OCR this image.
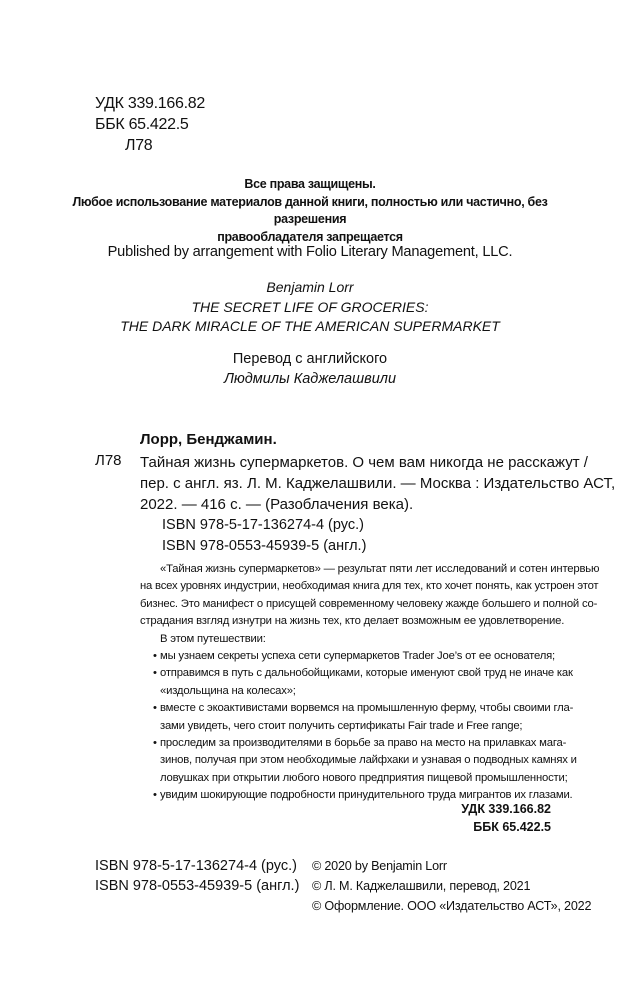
УДК 339.166.82
ББК 65.422.5
Л78
Все права защищены.
Любое использование материалов данной книги, полностью или частично, без разрешения
правообладателя запрещается
Published by arrangement with Folio Literary Management, LLC.
Benjamin Lorr
THE SECRET LIFE OF GROCERIES:
THE DARK MIRACLE OF THE AMERICAN SUPERMARKET
Перевод с английского
Людмилы Каджелашвили
Лорр, Бенджамин.
Л78 Тайная жизнь супермаркетов. О чем вам никогда не расскажут /
пер. с англ. яз. Л. М. Каджелашвили. — Москва : Издательство АСТ,
2022. — 416 с. — (Разоблачения века).
ISBN 978-5-17-136274-4 (рус.)
ISBN 978-0553-45939-5 (англ.)
«Тайная жизнь супермаркетов» — результат пяти лет исследований и сотен интервью
на всех уровнях индустрии, необходимая книга для тех, кто хочет понять, как устроен этот
бизнес. Это манифест о присущей современному человеку жажде большего и полной со-
страдания взгляд изнутри на жизнь тех, кто делает возможным ее удовлетворение.
В этом путешествии:
• мы узнаем секреты успеха сети супермаркетов Trader Joe’s от ее основателя;
• отправимся в путь с дальнобойщиками, которые именуют свой труд не иначе как
«издольщина на колесах»;
• вместе с экоактивистами ворвемся на промышленную ферму, чтобы своими гла-
зами увидеть, чего стоит получить сертификаты Fair trade и Free range;
• проследим за производителями в борьбе за право на место на прилавках мага-
зинов, получая при этом необходимые лайфхаки и узнавая о подводных камнях и
ловушках при открытии любого нового предприятия пищевой промышленности;
• увидим шокирующие подробности принудительного труда мигрантов их глазами.
УДК 339.166.82
ББК 65.422.5
ISBN 978-5-17-136274-4 (рус.)
ISBN 978-0553-45939-5 (англ.)
© 2020 by Benjamin Lorr
© Л. М. Каджелашвили, перевод, 2021
© Оформление. ООО «Издательство АСТ», 2022
